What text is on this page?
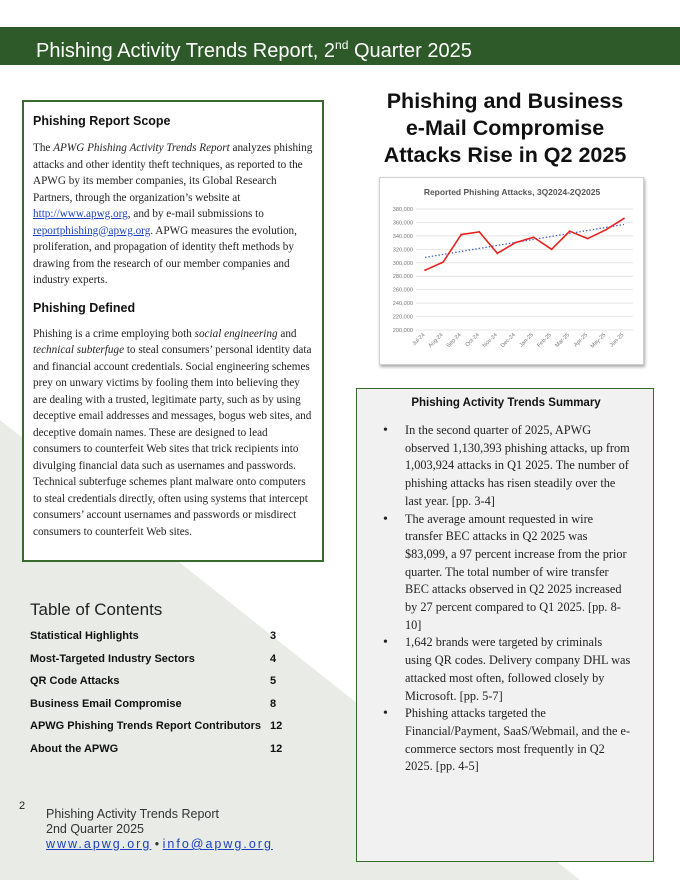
Phishing Activity Trends Report, 2nd Quarter 2025
Phishing Report Scope

The APWG Phishing Activity Trends Report analyzes phishing attacks and other identity theft techniques, as reported to the APWG by its member companies, its Global Research Partners, through the organization’s website at http://www.apwg.org, and by e-mail submissions to reportphishing@apwg.org. APWG measures the evolution, proliferation, and propagation of identity theft methods by drawing from the research of our member companies and industry experts.

Phishing Defined

Phishing is a crime employing both social engineering and technical subterfuge to steal consumers’ personal identity data and financial account credentials. Social engineering schemes prey on unwary victims by fooling them into believing they are dealing with a trusted, legitimate party, such as by using deceptive email addresses and messages, bogus web sites, and deceptive domain names. These are designed to lead consumers to counterfeit Web sites that trick recipients into divulging financial data such as usernames and passwords. Technical subterfuge schemes plant malware onto computers to steal credentials directly, often using systems that intercept consumers’ account usernames and passwords or misdirect consumers to counterfeit Web sites.

Table of Contents
Statistical Highlights	3
Most-Targeted Industry Sectors	4
QR Code Attacks	5
Business Email Compromise	8
APWG Phishing Trends Report Contributors 12
About the APWG	12
2
Phishing Activity Trends Report
2nd Quarter 2025
www.apwg.org • info@apwg.org
Phishing and Business
e-Mail Compromise
Attacks Rise in Q2 2025
Reported Phishing Attacks, 3Q2024-2Q2025
200,000
220,000
240,000
260,000
280,000
300,000
320,000
340,000
360,000
380,000
Jul-24 Aug-24 Sep-24 Oct-24 Nov-24 Dec-24 Jan-25 Feb-25 Mar-25 Apr-25 May-25 Jun-25
Phishing Activity Trends Summary
• In the second quarter of 2025, APWG observed 1,130,393 phishing attacks, up from 1,003,924 attacks in Q1 2025. The number of phishing attacks has risen steadily over the last year. [pp. 3-4]
• The average amount requested in wire transfer BEC attacks in Q2 2025 was $83,099, a 97 percent increase from the prior quarter. The total number of wire transfer BEC attacks observed in Q2 2025 increased by 27 percent compared to Q1 2025. [pp. 8-10]
• 1,642 brands were targeted by criminals using QR codes. Delivery company DHL was attacked most often, followed closely by Microsoft. [pp. 5-7]
• Phishing attacks targeted the Financial/Payment, SaaS/Webmail, and the e-commerce sectors most frequently in Q2 2025. [pp. 4-5]
